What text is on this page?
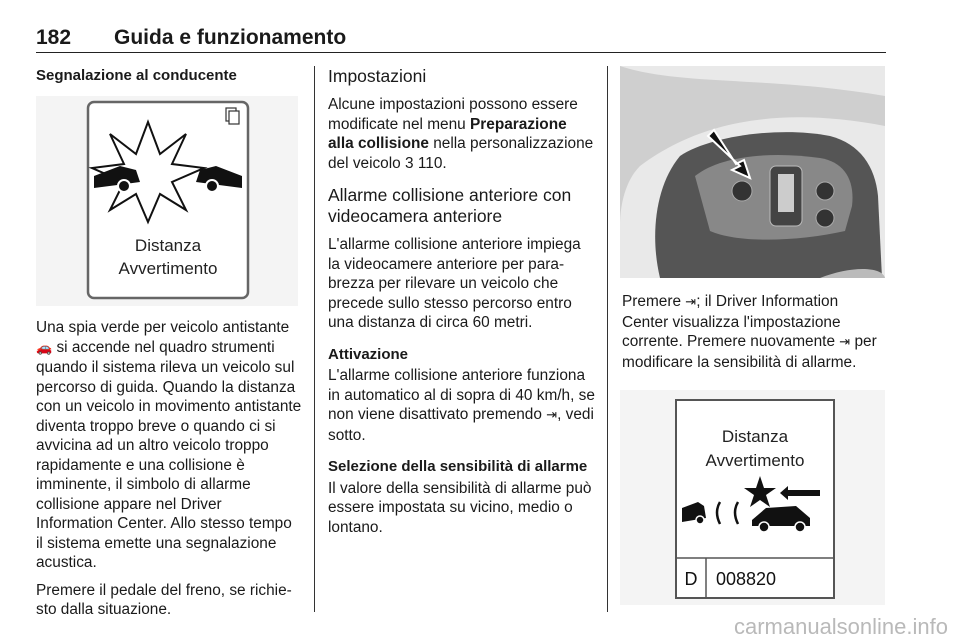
182 Guida e funzionamento
Segnalazione al conducente
Distanza
Avvertimento

Una spia verde per veicolo antistante 🚗 si accende nel quadro strumenti quando il sistema rileva un veicolo sul percorso di guida. Quando la distanza con un veicolo in movimento antistante diventa troppo breve o quando ci si avvicina ad un altro veicolo troppo rapidamente e una collisione è imminente, il simbolo di allarme collisione appare nel Driver Information Center. Allo stesso tempo il sistema emette una segnalazione acustica.

Premere il pedale del freno, se richie- sto dalla situazione.

Impostazioni

Alcune impostazioni possono essere modificate nel menu Preparazione alla collisione nella personalizzazione del veicolo 3 110.

Allarme collisione anteriore con videocamera anteriore

L'allarme collisione anteriore impiega la videocamere anteriore per para- brezza per rilevare un veicolo che precede sullo stesso percorso entro una distanza di circa 60 metri.

Attivazione

L'allarme collisione anteriore funziona in automatico al di sopra di 40 km/h, se non viene disattivato premendo ⇥, vedi sotto.

Selezione della sensibilità di allarme

Il valore della sensibilità di allarme può essere impostata su vicino, medio o lontano.

Premere ⇥; il Driver Information Center visualizza l'impostazione corrente. Premere nuovamente ⇥ per modificare la sensibilità di allarme.

Distanza
Avvertimento
D 008820
carmanualsonline.info
